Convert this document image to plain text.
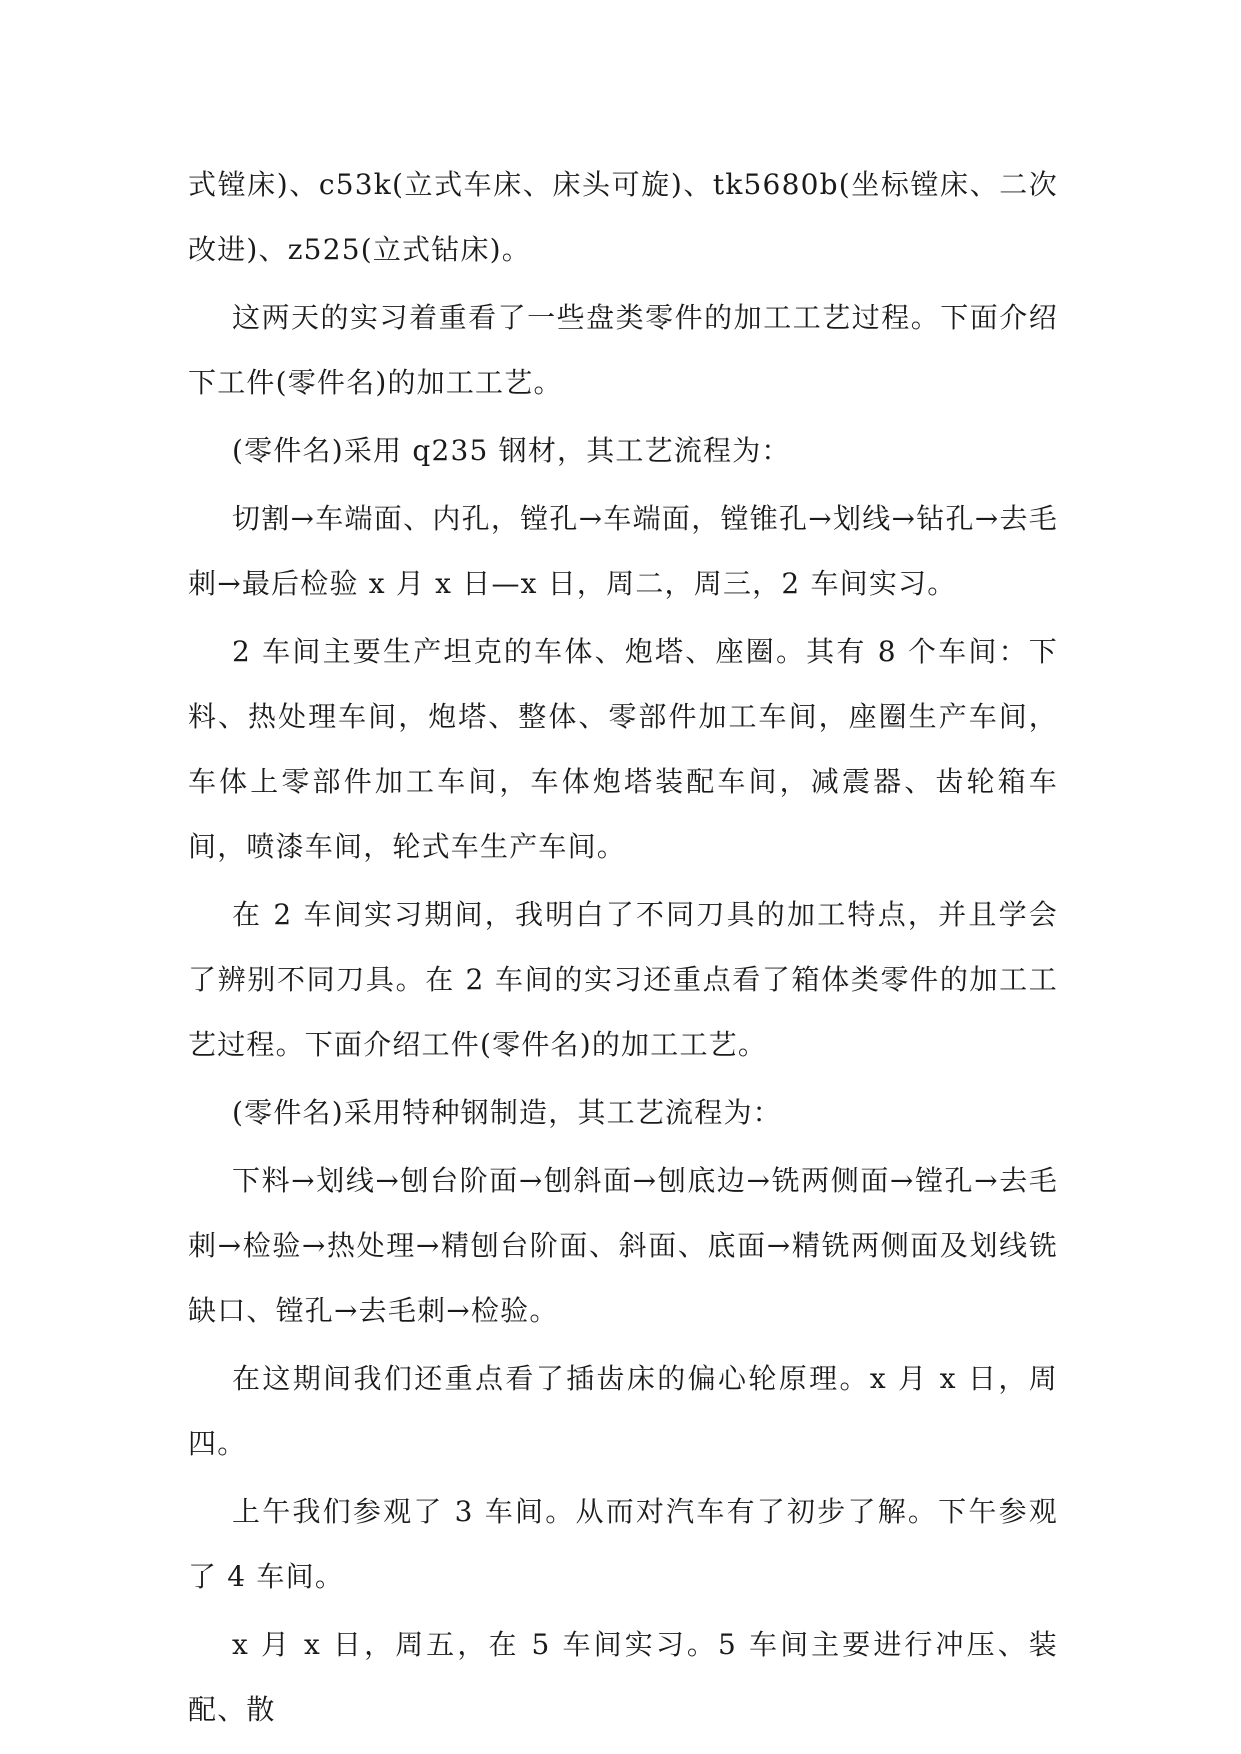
式镗床)、c53k(立式车床、床头可旋)、tk5680b(坐标镗床、二次改进)、z525(立式钻床)。

这两天的实习着重看了一些盘类零件的加工工艺过程。下面介绍下工件(零件名)的加工工艺。

(零件名)采用 q235 钢材，其工艺流程为：

切割→车端面、内孔，镗孔→车端面，镗锥孔→划线→钻孔→去毛刺→最后检验 x 月 x 日—x 日，周二，周三，2 车间实习。

2 车间主要生产坦克的车体、炮塔、座圈。其有 8 个车间：下料、热处理车间，炮塔、整体、零部件加工车间，座圈生产车间，车体上零部件加工车间，车体炮塔装配车间，减震器、齿轮箱车间，喷漆车间，轮式车生产车间。

在 2 车间实习期间，我明白了不同刀具的加工特点，并且学会了辨别不同刀具。在 2 车间的实习还重点看了箱体类零件的加工工艺过程。下面介绍工件(零件名)的加工工艺。

(零件名)采用特种钢制造，其工艺流程为：

下料→划线→刨台阶面→刨斜面→刨底边→铣两侧面→镗孔→去毛刺→检验→热处理→精刨台阶面、斜面、底面→精铣两侧面及划线铣缺口、镗孔→去毛刺→检验。

在这期间我们还重点看了插齿床的偏心轮原理。x 月 x 日，周四。

上午我们参观了 3 车间。从而对汽车有了初步了解。下午参观了 4 车间。

x 月 x 日，周五，在 5 车间实习。5 车间主要进行冲压、装配、散
